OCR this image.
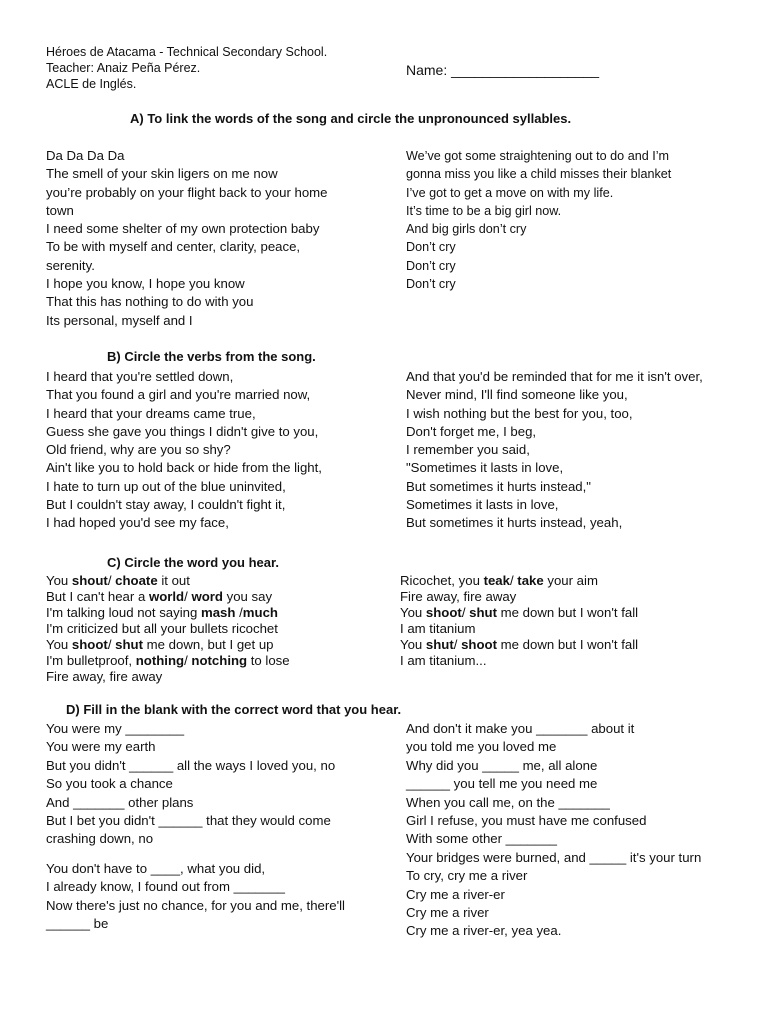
Héroes de Atacama - Technical Secondary School.
Teacher: Anaiz Peña Pérez.
ACLE de Inglés.
Name: ___________________
A) To link the words of the song and circle the unpronounced syllables.
Da Da Da Da
The smell of your skin ligers on me now
you’re probably on your flight back to your home
town
I need some shelter of my own protection baby
To be with myself and center, clarity, peace,
serenity.
I hope you know, I hope you know
That this has nothing to do with you
Its personal, myself and I
We’ve got some straightening out to do and I’m
gonna miss you like a child misses their blanket
I’ve got to get a move on with my life.
It’s time to be a big girl now.
And big girls don’t cry
Don’t cry
Don’t cry
Don’t cry
B) Circle the verbs from the song.
I heard that you're settled down,
That you found a girl and you're married now,
I heard that your dreams came true,
Guess she gave you things I didn't give to you,
Old friend, why are you so shy?
Ain't like you to hold back or hide from the light,
I hate to turn up out of the blue uninvited,
But I couldn't stay away, I couldn't fight it,
I had hoped you'd see my face,
And that you'd be reminded that for me it isn't over,
Never mind, I'll find someone like you,
I wish nothing but the best for you, too,
Don't forget me, I beg,
I remember you said,
"Sometimes it lasts in love,
But sometimes it hurts instead,"
Sometimes it lasts in love,
But sometimes it hurts instead, yeah,
C) Circle the word you hear.
You shout/ choate it out
But I can't hear a world/ word you say
I'm talking loud not saying mash /much
I'm criticized but all your bullets ricochet
You shoot/ shut me down, but I get up
I'm bulletproof, nothing/ notching to lose
Fire away, fire away
Ricochet, you teak/ take your aim
Fire away, fire away
You shoot/ shut me down but I won't fall
I am titanium
You shut/ shoot me down but I won't fall
I am titanium...
D) Fill in the blank with the correct word that you hear.
You were my ________
You were my earth
But you didn't ______ all the ways I loved you, no
So you took a chance
And _______ other plans
But I bet you didn't ______ that they would come
crashing down, no
You don't have to ____, what you did,
I already know, I found out from _______
Now there's just no chance, for you and me, there'll
______ be
And don't it make you _______ about it
you told me you loved me
Why did you _____ me, all alone
______ you tell me you need me
When you call me, on the _______
Girl I refuse, you must have me confused
With some other _______
Your bridges were burned, and _____ it's your turn
To cry, cry me a river
Cry me a river-er
Cry me a river
Cry me a river-er, yea yea.
